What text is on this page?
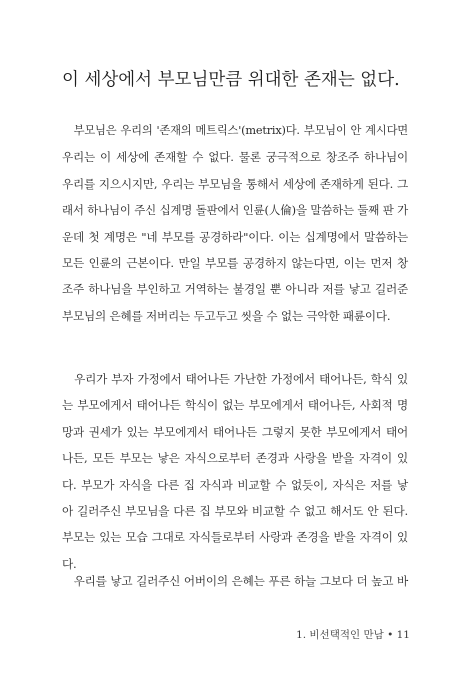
이 세상에서 부모님만큼 위대한 존재는 없다.

　부모님은 우리의 '존재의 메트릭스'(metrix)다. 부모님이 안 계시다면
우리는 이 세상에 존재할 수 없다. 물론 궁극적으로 창조주 하나님이
우리를 지으시지만, 우리는 부모님을 통해서 세상에 존재하게 된다. 그
래서 하나님이 주신 십계명 돌판에서 인륜(人倫)을 말씀하는 둘째 판 가
운데 첫 계명은 "네 부모를 공경하라"이다. 이는 십계명에서 말씀하는
모든 인륜의 근본이다. 만일 부모를 공경하지 않는다면, 이는 먼저 창
조주 하나님을 부인하고 거역하는 불경일 뿐 아니라 저를 낳고 길러준
부모님의 은혜를 저버리는 두고두고 씻을 수 없는 극악한 패륜이다.

　우리가 부자 가정에서 태어나든 가난한 가정에서 태어나든, 학식 있
는 부모에게서 태어나든 학식이 없는 부모에게서 태어나든, 사회적 명
망과 권세가 있는 부모에게서 태어나든 그렇지 못한 부모에게서 태어
나든, 모든 부모는 낳은 자식으로부터 존경과 사랑을 받을 자격이 있
다. 부모가 자식을 다른 집 자식과 비교할 수 없듯이, 자식은 저를 낳
아 길러주신 부모님을 다른 집 부모와 비교할 수 없고 해서도 안 된다.
부모는 있는 모습 그대로 자식들로부터 사랑과 존경을 받을 자격이 있
다.

　우리를 낳고 길러주신 어버이의 은혜는 푸른 하늘 그보다 더 높고 바

1. 비선택적인 만남 • 11
